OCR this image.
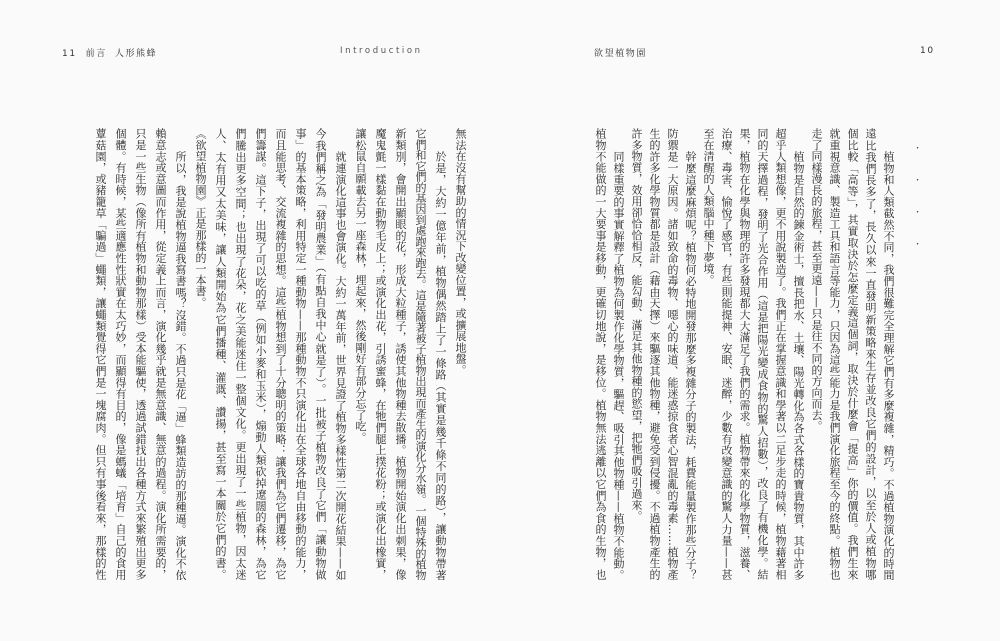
11 前言 人形熊蜂	Introduction	欲望植物園	10
．．．．
植物和人類截然不同，我們很難完全理解它們有多麼複雜，精巧。不過植物演化的時間
遠比我們長多了，長久以來一直發明新策略來生存並改良它們的設計，以至於人或植物哪
個比較「高等」，其實取決於怎麼定義這個詞，取決於什麼會「提高」你的價值。我們生來
就重視意識、製造工具和語言等能力，只因為這些能力是我們演化旅程至今的終點。植物也
走了同樣漫長的旅程，甚至更遠——只是往不同的方向而去。
植物是自然的鍊金術士，擅長把水、土壤、陽光轉化為各式各樣的寶貴物質，其中許多
超乎人類想像，更不用說製造了。我們正在掌握意識和學著以二足步走的時候，植物藉著相
同的天擇過程，發明了光合作用（這是把陽光變成食物的驚人招數），改良了有機化學。結
果，植物在化學與物理的許多發現都大大滿足了我們的需求。植物帶來的化學物質，滋養、
治療、毒害、愉悅了感官，有些則能提神、安眠、迷醉，少數有改變意識的驚人力量——甚
至在清醒的人類腦中種下夢境。
幹麼這麼麻煩呢？植物何必特地開發那麼多複雜分子的製法，耗費能量製作那些分子？
防禦是一大原因。諸如致命的毒物、噁心的味道、能迷惑掠食者心智混亂的毒素……植物產
生的許多化學物質都是設計（藉由天擇）來驅逐其他物種，避免受到侵擾。不過植物產生的
許多物質，效用卻恰恰相反，能勾動、滿足其他物種的慾望，把牠們吸引過來。
同樣重要的事實解釋了植物為何製作化學物質，驅趕、吸引其他物種——植物不能動。
植物不能做的一大要事是移動，更確切地說，是移位。植物無法逃離以它們為食的生物，也
無法在沒有幫助的情況下改變位置，或擴展地盤。
於是，大約一億年前，植物偶然踏上了一條路（其實是幾千條不同的路），讓動物帶著
它們和它們的基因到處跑來跑去。這是隨著被子植物出現而產生的演化分水嶺。一個特殊的植物
新類別，會開出顯眼的花，形成大粒種子，誘使其他物種去散播。植物開始演化出刺果，像
魔鬼氈一樣黏在動物毛皮上；或演化出花，引誘蜜蜂，在牠們腿上撲花粉；或演化出橡實，
讓松鼠自願載去另一座森林，埋起來，然後剛好有部分忘了吃。
就連演化這事也會演化。大約一萬年前，世界見證了植物多樣性第二次開花結果——如
今我們稱之為「發明農業」（有點自我中心就是了）。一批被子植物改良了它們「讓動物做
事」的基本策略，利用特定一種動物——那種動物不只演化出在全球各地自由移動的能力，
而且能思考、交流複雜的思想。這些植物想到了十分聰明的策略：讓我們為它們遷移，為它
們籌謀。這下子，出現了可以吃的草（例如小麥和玉米），煽動人類砍掉遼闊的森林，為它
們騰出更多空間；也出現了花朵，花之美能迷住一整個文化。更出現了一些植物，因太迷
人、太有用又太美味，讓人類開始為它們播種、灌溉、讚揚，甚至寫一本關於它們的書。
《欲望植物園》正是那樣的一本書。
所以，我是說植物逼我寫書嗎？沒錯。不過只是花「逼」蜂類造訪的那種逼。演化不依
賴意志或意圖而作用，從定義上而言，演化幾乎就是無意識、無意的過程。演化所需要的，
只是一些生物（像所有植物和動物那樣）受本能驅使，透過試錯找出各種方式來繁殖出更多
個體。有時候，某些適應性性狀實在太巧妙，而顯得有目的，像是螞蟻「培育」自己的食用
蕈菇園，或豬籠草「騙過」蠅類，讓蠅類覺得它們是一塊腐肉。但只有事後看來，那樣的性
